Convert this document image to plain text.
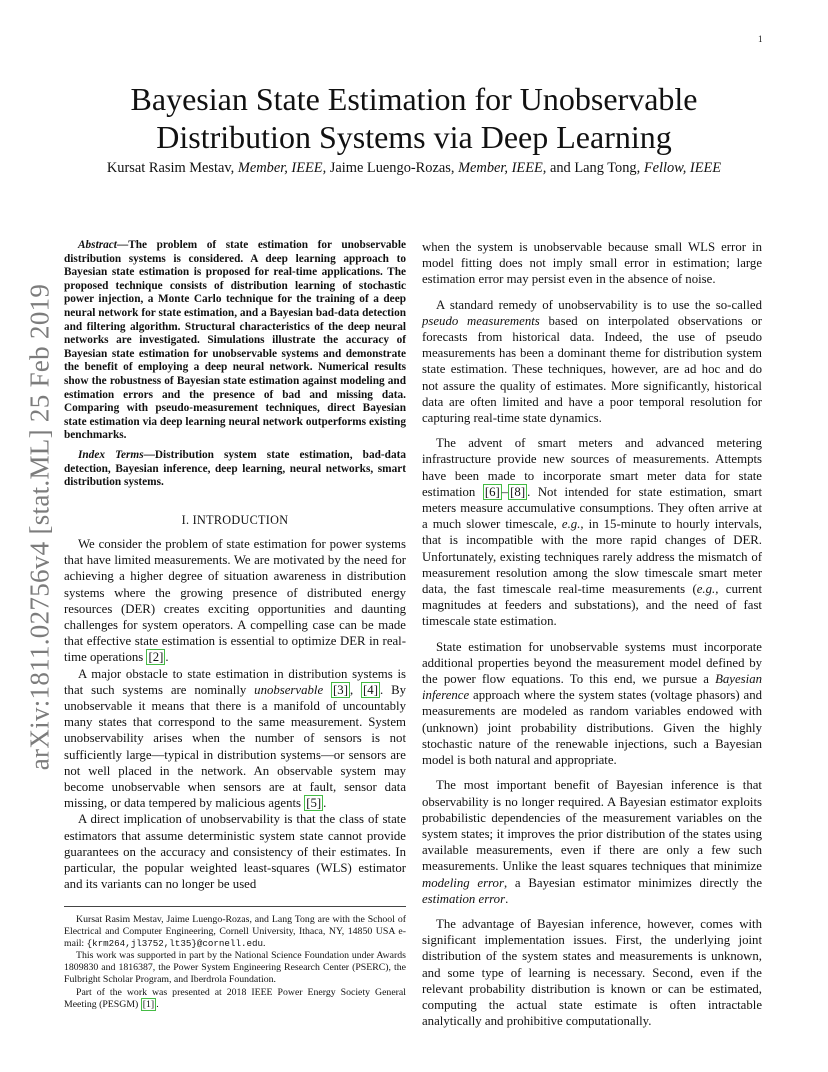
1
arXiv:1811.02756v4 [stat.ML] 25 Feb 2019
Bayesian State Estimation for Unobservable
Distribution Systems via Deep Learning
Kursat Rasim Mestav, Member, IEEE, Jaime Luengo-Rozas, Member, IEEE, and Lang Tong, Fellow, IEEE

Abstract—The problem of state estimation for unobservable distribution systems is considered. A deep learning approach to Bayesian state estimation is proposed for real-time applications. The proposed technique consists of distribution learning of stochastic power injection, a Monte Carlo technique for the training of a deep neural network for state estimation, and a Bayesian bad-data detection and filtering algorithm. Structural characteristics of the deep neural networks are investigated. Simulations illustrate the accuracy of Bayesian state estimation for unobservable systems and demonstrate the benefit of employing a deep neural network. Numerical results show the robustness of Bayesian state estimation against modeling and estimation errors and the presence of bad and missing data. Comparing with pseudo-measurement techniques, direct Bayesian state estimation via deep learning neural network outperforms existing benchmarks.

Index Terms—Distribution system state estimation, bad-data detection, Bayesian inference, deep learning, neural networks, smart distribution systems.

I. INTRODUCTION

We consider the problem of state estimation for power systems that have limited measurements. We are motivated by the need for achieving a higher degree of situation awareness in distribution systems where the growing presence of distributed energy resources (DER) creates exciting opportunities and daunting challenges for system operators. A compelling case can be made that effective state estimation is essential to optimize DER in real-time operations [2] .

A major obstacle to state estimation in distribution systems is that such systems are nominally unobservable [3] , [4] . By unobservable it means that there is a manifold of uncountably many states that correspond to the same measurement. System unobservability arises when the number of sensors is not sufficiently large—typical in distribution systems—or sensors are not well placed in the network. An observable system may become unobservable when sensors are at fault, sensor data missing, or data tempered by malicious agents [5] .

A direct implication of unobservability is that the class of state estimators that assume deterministic system state cannot provide guarantees on the accuracy and consistency of their estimates. In particular, the popular weighted least-squares (WLS) estimator and its variants can no longer be used

Kursat Rasim Mestav, Jaime Luengo-Rozas, and Lang Tong are with the School of Electrical and Computer Engineering, Cornell University, Ithaca, NY, 14850 USA e-mail: {krm264,jl3752,lt35}@cornell.edu.

This work was supported in part by the National Science Foundation under Awards 1809830 and 1816387, the Power System Engineering Research Center (PSERC), the Fulbright Scholar Program, and Iberdrola Foundation.

Part of the work was presented at 2018 IEEE Power Energy Society General Meeting (PESGM) [1] .

when the system is unobservable because small WLS error in model fitting does not imply small error in estimation; large estimation error may persist even in the absence of noise.

A standard remedy of unobservability is to use the so-called pseudo measurements based on interpolated observations or forecasts from historical data. Indeed, the use of pseudo measurements has been a dominant theme for distribution system state estimation. These techniques, however, are ad hoc and do not assure the quality of estimates. More significantly, historical data are often limited and have a poor temporal resolution for capturing real-time state dynamics.

The advent of smart meters and advanced metering infrastructure provide new sources of measurements. Attempts have been made to incorporate smart meter data for state estimation [6] – [8] . Not intended for state estimation, smart meters measure accumulative consumptions. They often arrive at a much slower timescale, e.g., in 15-minute to hourly intervals, that is incompatible with the more rapid changes of DER. Unfortunately, existing techniques rarely address the mismatch of measurement resolution among the slow timescale smart meter data, the fast timescale real-time measurements (e.g., current magnitudes at feeders and substations), and the need of fast timescale state estimation.

State estimation for unobservable systems must incorporate additional properties beyond the measurement model defined by the power flow equations. To this end, we pursue a Bayesian inference approach where the system states (voltage phasors) and measurements are modeled as random variables endowed with (unknown) joint probability distributions. Given the highly stochastic nature of the renewable injections, such a Bayesian model is both natural and appropriate.

The most important benefit of Bayesian inference is that observability is no longer required. A Bayesian estimator exploits probabilistic dependencies of the measurement variables on the system states; it improves the prior distribution of the states using available measurements, even if there are only a few such measurements. Unlike the least squares techniques that minimize modeling error, a Bayesian estimator minimizes directly the estimation error.

The advantage of Bayesian inference, however, comes with significant implementation issues. First, the underlying joint distribution of the system states and measurements is unknown, and some type of learning is necessary. Second, even if the relevant probability distribution is known or can be estimated, computing the actual state estimate is often intractable analytically and prohibitive computationally.
